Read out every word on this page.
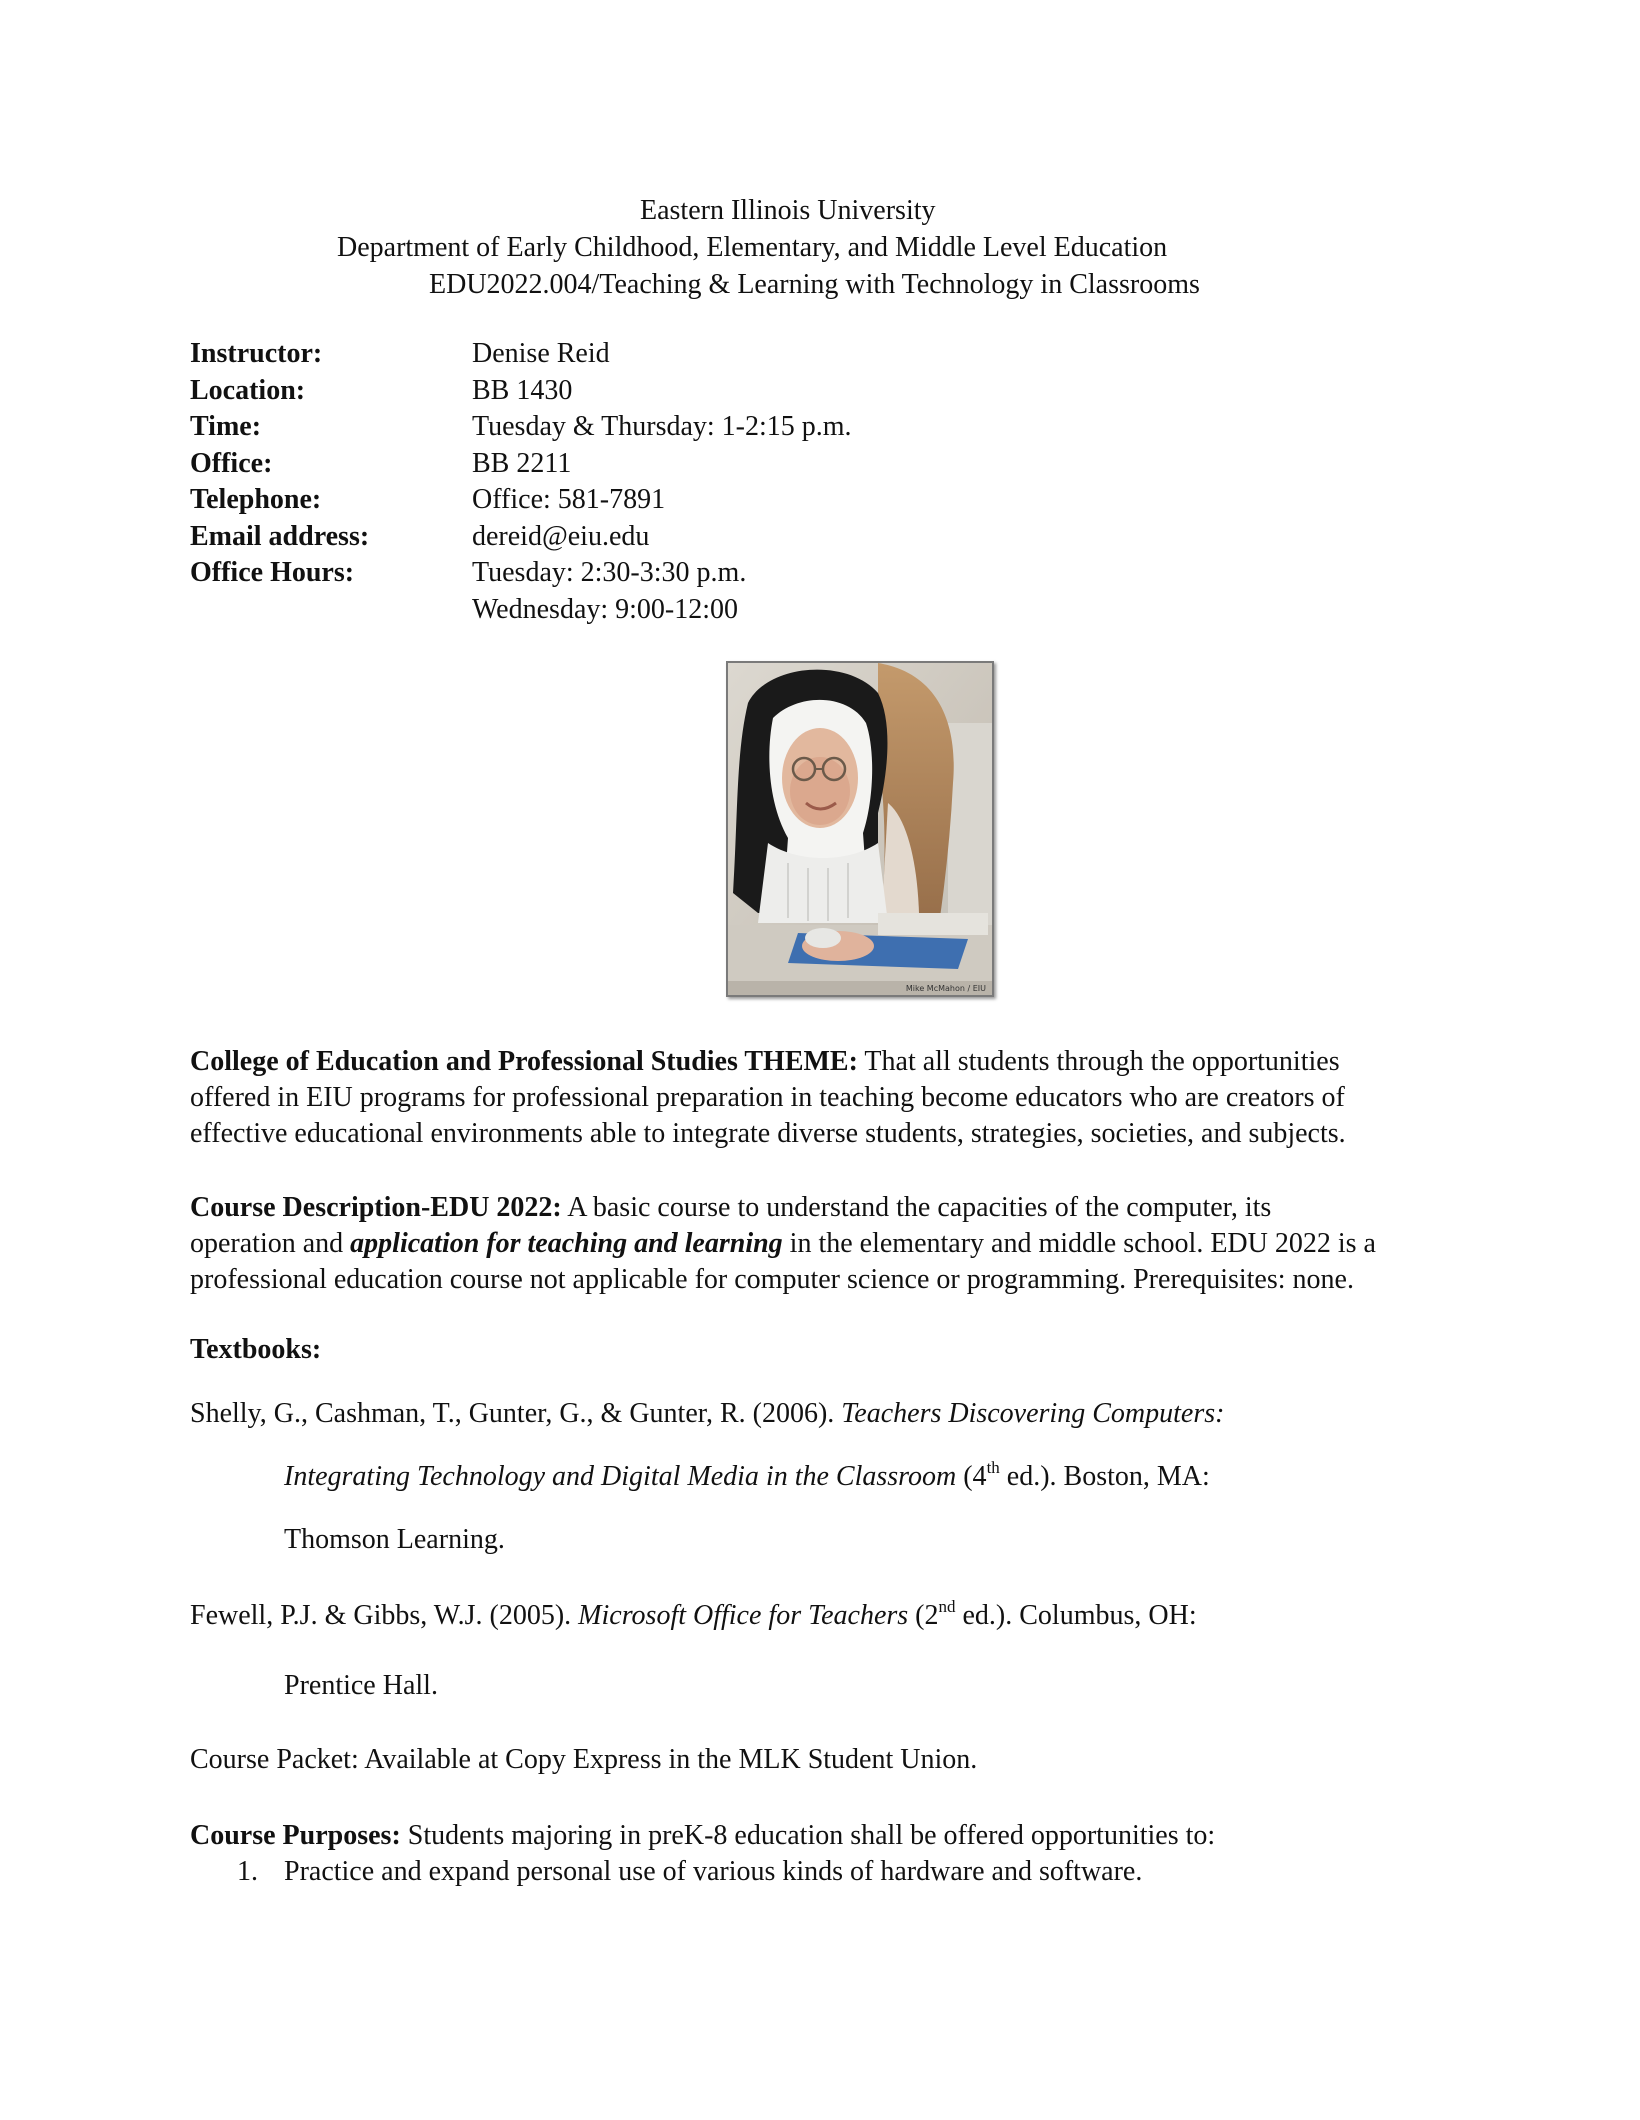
Eastern Illinois University
Department of Early Childhood, Elementary, and Middle Level Education
EDU2022.004/Teaching & Learning with Technology in Classrooms
Instructor:	Denise Reid
Location:	BB 1430
Time:	Tuesday & Thursday: 1-2:15 p.m.
Office:	BB 2211
Telephone:	Office: 581-7891
Email address:	dereid@eiu.edu
Office Hours:	Tuesday: 2:30-3:30 p.m.
Wednesday: 9:00-12:00
Mike McMahon / EIU

College of Education and Professional Studies THEME: That all students through the opportunities

offered in EIU programs for professional preparation in teaching become educators who are creators of

effective educational environments able to integrate diverse students, strategies, societies, and subjects.

Course Description-EDU 2022: A basic course to understand the capacities of the computer, its

operation and application for teaching and learning in the elementary and middle school. EDU 2022 is a

professional education course not applicable for computer science or programming. Prerequisites: none.

Textbooks:

Shelly, G., Cashman, T., Gunter, G., & Gunter, R. (2006). Teachers Discovering Computers:
Integrating Technology and Digital Media in the Classroom (4th ed.). Boston, MA:
Thomson Learning.
Fewell, P.J. & Gibbs, W.J. (2005). Microsoft Office for Teachers (2nd ed.). Columbus, OH:
Prentice Hall.
Course Packet: Available at Copy Express in the MLK Student Union.
Course Purposes: Students majoring in preK-8 education shall be offered opportunities to:
1. Practice and expand personal use of various kinds of hardware and software.
